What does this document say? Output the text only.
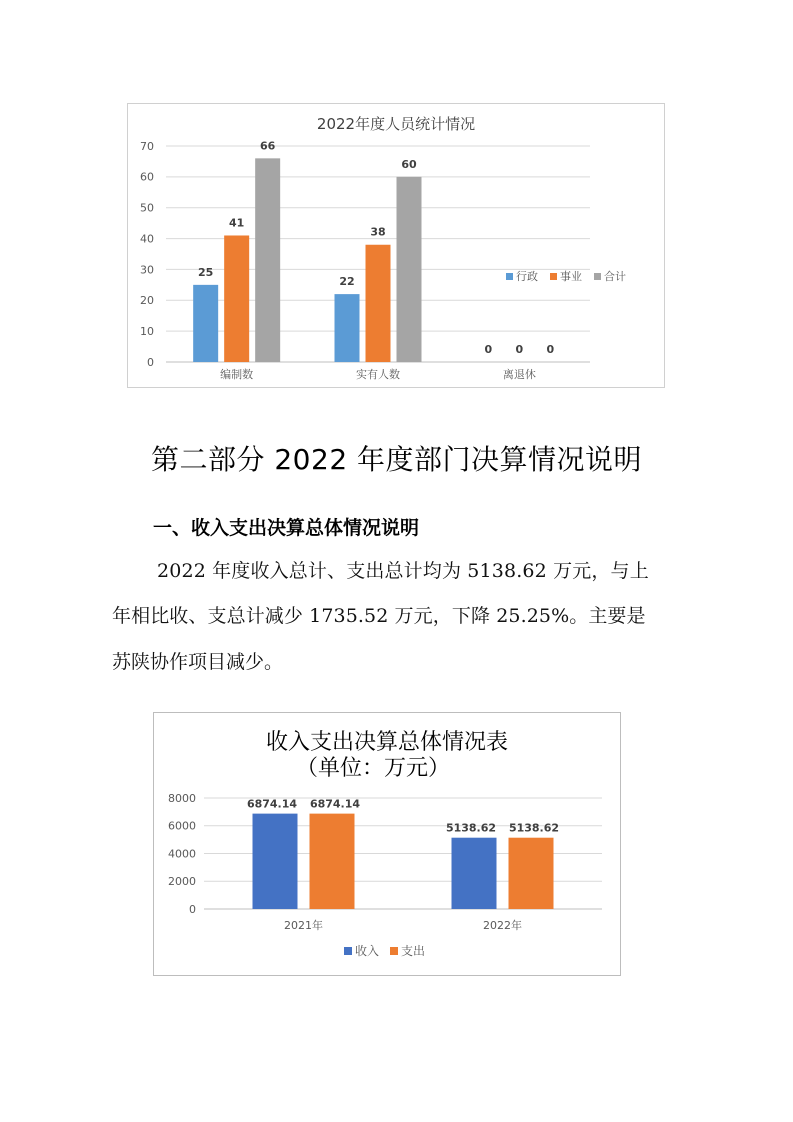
2022年度人员统计情况
0
10
20
30
40
50
60
70
编制数
25
41
66
实有人数
22
38
60
离退休
0 0 0
行政 事业 合计
第二部分 2022 年度部门决算情况说明
一、收入支出决算总体情况说明
2022 年度收入总计、支出总计均为 5138.62 万元，与上
年相比收、支总计减少 1735.52 万元，下降 25.25%。主要是
苏陕协作项目减少。
收入支出决算总体情况表
（单位：万元）
0
2000
4000
6000
8000
2021年
6874.14 6874.14
2022年
5138.62 5138.62
收入 支出
